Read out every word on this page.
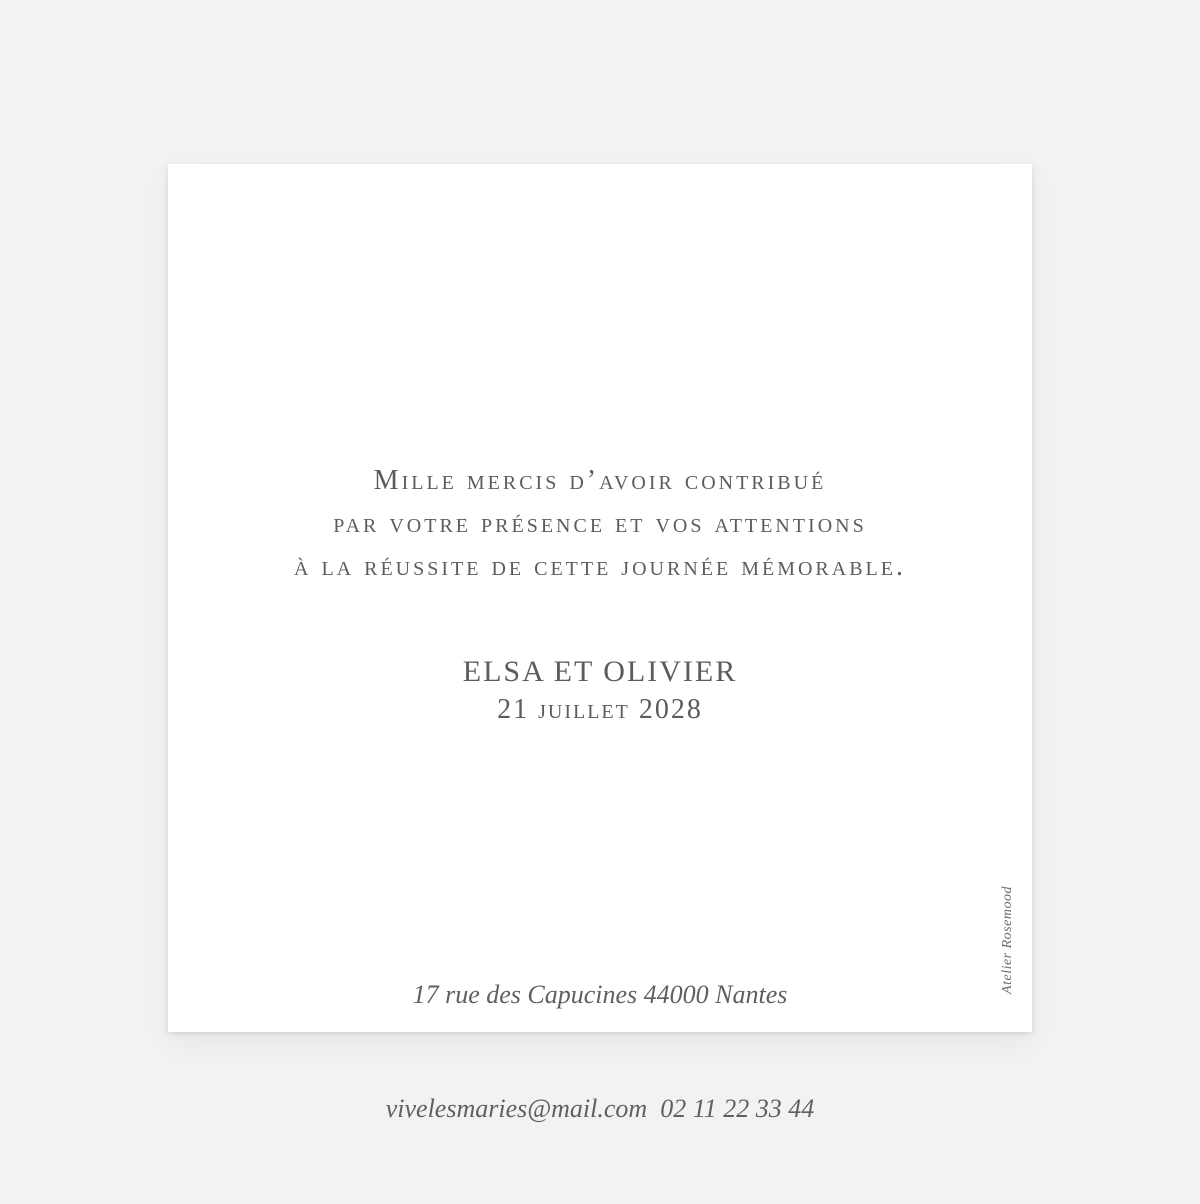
Mille mercis d’avoir contribué
par votre présence et vos attentions
à la réussite de cette journée mémorable.
ELSA ET OLIVIER
21 juillet 2028

17 rue des Capucines 44000 Nantes

vivelesmaries@mail.com  02 11 22 33 44

Atelier Rosemood
